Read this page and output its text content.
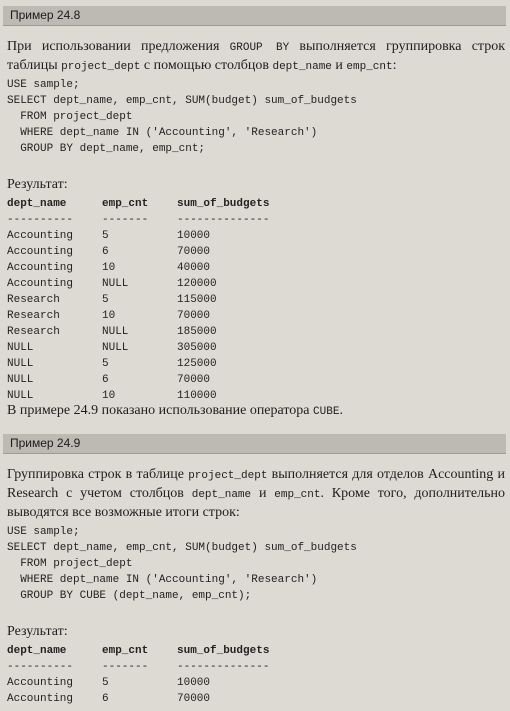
Пример 24.8

При использовании предложения GROUP BY выполняется группировка строк таблицы project_dept с помощью столбцов dept_name и emp_cnt:

USE sample;
SELECT dept_name, emp_cnt, SUM(budget) sum_of_budgets
FROM project_dept
WHERE dept_name IN ('Accounting', 'Research')
GROUP BY dept_name, emp_cnt;

Результат:

dept_name	emp_cnt	sum_of_budgets
----------	-------	--------------
Accounting	5	10000
Accounting	6	70000
Accounting	10	40000
Accounting	NULL	120000
Research	5	115000
Research	10	70000
Research	NULL	185000
NULL	NULL	305000
NULL	5	125000
NULL	6	70000
NULL	10	110000

В примере 24.9 показано использование оператора CUBE.

Пример 24.9

Группировка строк в таблице project_dept выполняется для отделов Accounting и Research с учетом столбцов dept_name и emp_cnt. Кроме того, дополнительно выводятся все возможные итоги строк:

USE sample;
SELECT dept_name, emp_cnt, SUM(budget) sum_of_budgets
FROM project_dept
WHERE dept_name IN ('Accounting', 'Research')
GROUP BY CUBE (dept_name, emp_cnt);

Результат:

dept_name	emp_cnt	sum_of_budgets
----------	-------	--------------
Accounting	5	10000
Accounting	6	70000
